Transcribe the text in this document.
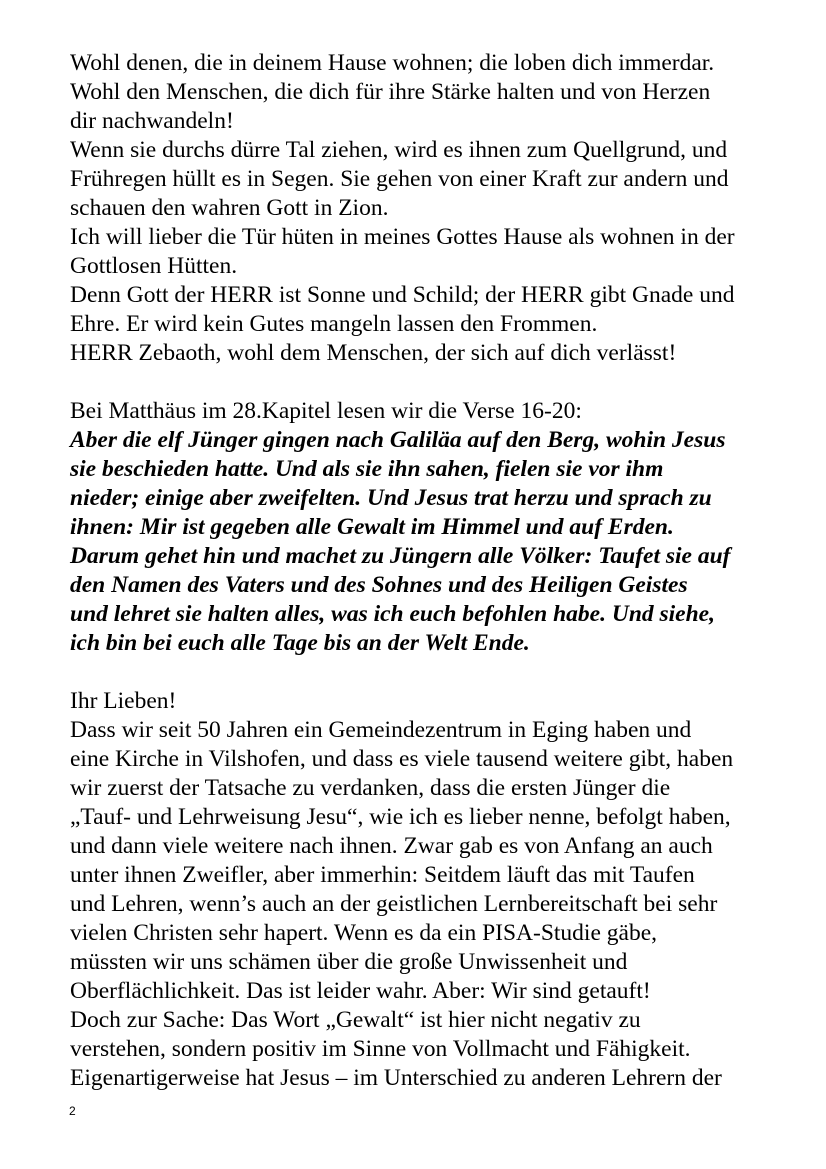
Wohl denen, die in deinem Hause wohnen; die loben dich immerdar.
Wohl den Menschen, die dich für ihre Stärke halten und von Herzen
dir nachwandeln!
Wenn sie durchs dürre Tal ziehen, wird es ihnen zum Quellgrund, und
Frühregen hüllt es in Segen. Sie gehen von einer Kraft zur andern und
schauen den wahren Gott in Zion.
Ich will lieber die Tür hüten in meines Gottes Hause als wohnen in der
Gottlosen Hütten.
Denn Gott der HERR ist Sonne und Schild; der HERR gibt Gnade und
Ehre. Er wird kein Gutes mangeln lassen den Frommen.
HERR Zebaoth, wohl dem Menschen, der sich auf dich verlässt!
Bei Matthäus im 28.Kapitel lesen wir die Verse 16-20:
Aber die elf Jünger gingen nach Galiläa auf den Berg, wohin Jesus
sie beschieden hatte. Und als sie ihn sahen, fielen sie vor ihm
nieder; einige aber zweifelten. Und Jesus trat herzu und sprach zu
ihnen: Mir ist gegeben alle Gewalt im Himmel und auf Erden.
Darum gehet hin und machet zu Jüngern alle Völker: Taufet sie auf
den Namen des Vaters und des Sohnes und des Heiligen Geistes
und lehret sie halten alles, was ich euch befohlen habe. Und siehe,
ich bin bei euch alle Tage bis an der Welt Ende.
Ihr Lieben!
Dass wir seit 50 Jahren ein Gemeindezentrum in Eging haben und
eine Kirche in Vilshofen, und dass es viele tausend weitere gibt, haben
wir zuerst der Tatsache zu verdanken, dass die ersten Jünger die
„Tauf- und Lehrweisung Jesu“, wie ich es lieber nenne, befolgt haben,
und dann viele weitere nach ihnen. Zwar gab es von Anfang an auch
unter ihnen Zweifler, aber immerhin: Seitdem läuft das mit Taufen
und Lehren, wenn’s auch an der geistlichen Lernbereitschaft bei sehr
vielen Christen sehr hapert. Wenn es da ein PISA-Studie gäbe,
müssten wir uns schämen über die große Unwissenheit und
Oberflächlichkeit. Das ist leider wahr. Aber: Wir sind getauft!
Doch zur Sache: Das Wort „Gewalt“ ist hier nicht negativ zu
verstehen, sondern positiv im Sinne von Vollmacht und Fähigkeit.
Eigenartigerweise hat Jesus – im Unterschied zu anderen Lehrern der
2
